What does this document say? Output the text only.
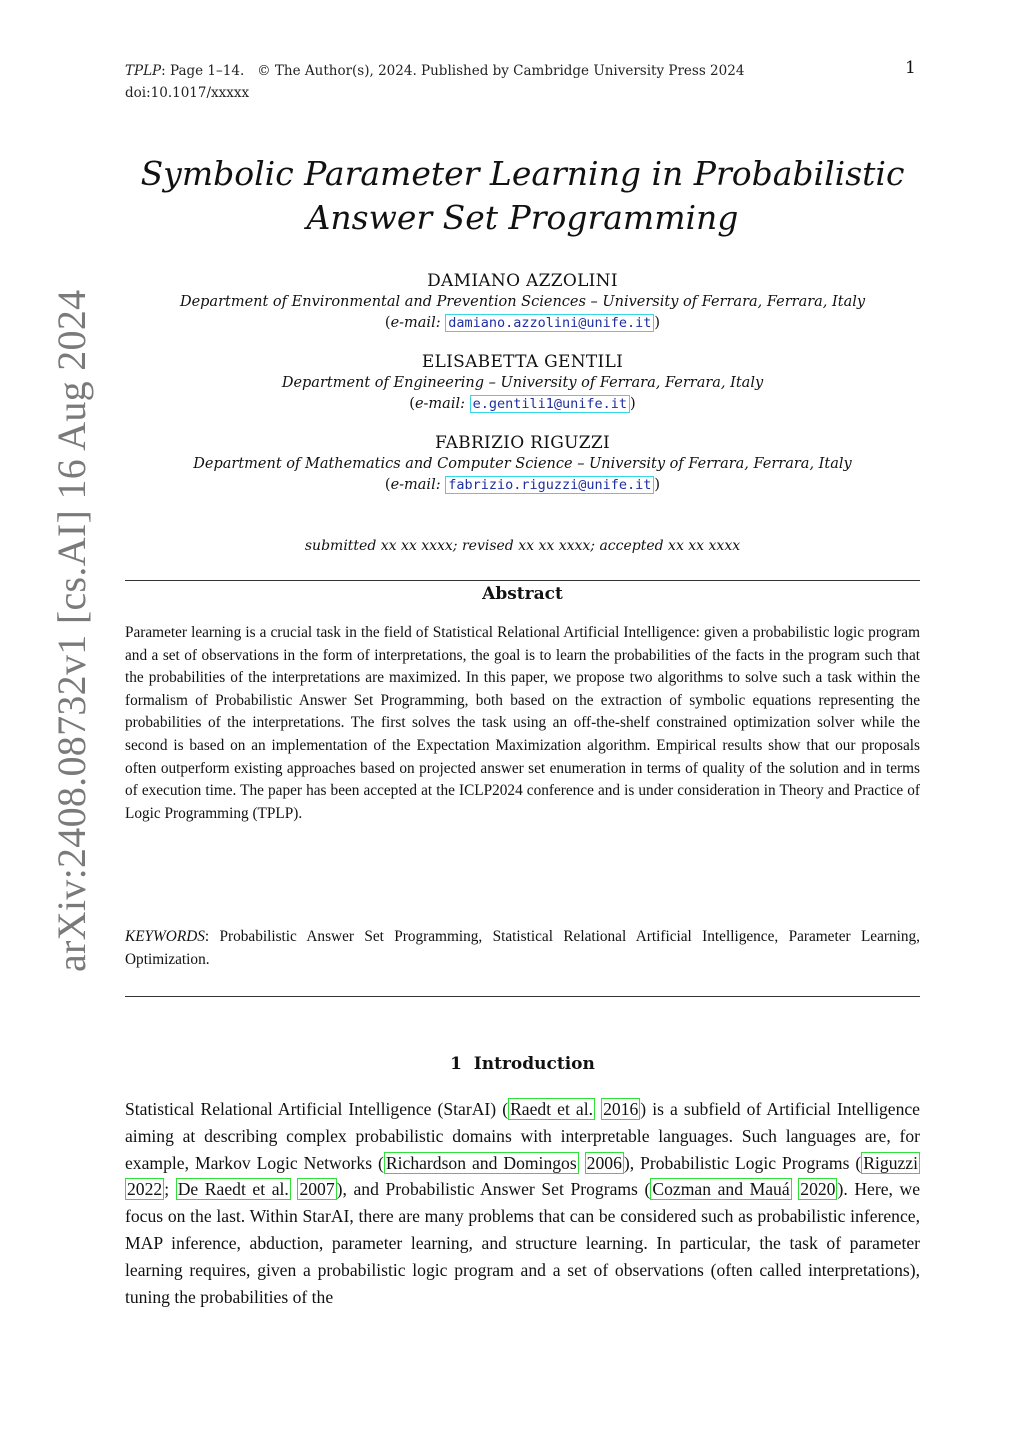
TPLP: Page 1–14. © The Author(s), 2024. Published by Cambridge University Press 2024
doi:10.1017/xxxxx
1
arXiv:2408.08732v1 [cs.AI] 16 Aug 2024
Symbolic Parameter Learning in Probabilistic
Answer Set Programming
DAMIANO AZZOLINI
Department of Environmental and Prevention Sciences – University of Ferrara, Ferrara, Italy
(e-mail: damiano.azzolini@unife.it )
ELISABETTA GENTILI
Department of Engineering – University of Ferrara, Ferrara, Italy
(e-mail: e.gentili1@unife.it )
FABRIZIO RIGUZZI
Department of Mathematics and Computer Science – University of Ferrara, Ferrara, Italy
(e-mail: fabrizio.riguzzi@unife.it )
submitted xx xx xxxx; revised xx xx xxxx; accepted xx xx xxxx
Abstract
Parameter learning is a crucial task in the field of Statistical Relational Artificial Intelligence: given a probabilistic logic program and a set of observations in the form of interpretations, the goal is to learn the probabilities of the facts in the program such that the probabilities of the interpretations are maximized. In this paper, we propose two algorithms to solve such a task within the formalism of Probabilistic Answer Set Programming, both based on the extraction of symbolic equations representing the probabilities of the interpretations. The first solves the task using an off-the-shelf constrained optimization solver while the second is based on an implementation of the Expectation Maximization algorithm. Empirical results show that our proposals often outperform existing approaches based on projected answer set enumeration in terms of quality of the solution and in terms of execution time. The paper has been accepted at the ICLP2024 conference and is under consideration in Theory and Practice of Logic Programming (TPLP).
KEYWORDS: Probabilistic Answer Set Programming, Statistical Relational Artificial Intelligence, Parameter Learning, Optimization.
1 Introduction
Statistical Relational Artificial Intelligence (StarAI) ( Raedt et al. 2016 ) is a subfield of Artificial Intelligence aiming at describing complex probabilistic domains with interpretable languages. Such languages are, for example, Markov Logic Networks ( Richardson and Domingos 2006 ), Probabilistic Logic Programs ( Riguzzi 2022 ; De Raedt et al. 2007 ), and Probabilistic Answer Set Programs ( Cozman and Mauá 2020 ). Here, we focus on the last. Within StarAI, there are many problems that can be considered such as probabilistic inference, MAP inference, abduction, parameter learning, and structure learning. In particular, the task of parameter learning requires, given a probabilistic logic program and a set of observations (often called interpretations), tuning the probabilities of the
